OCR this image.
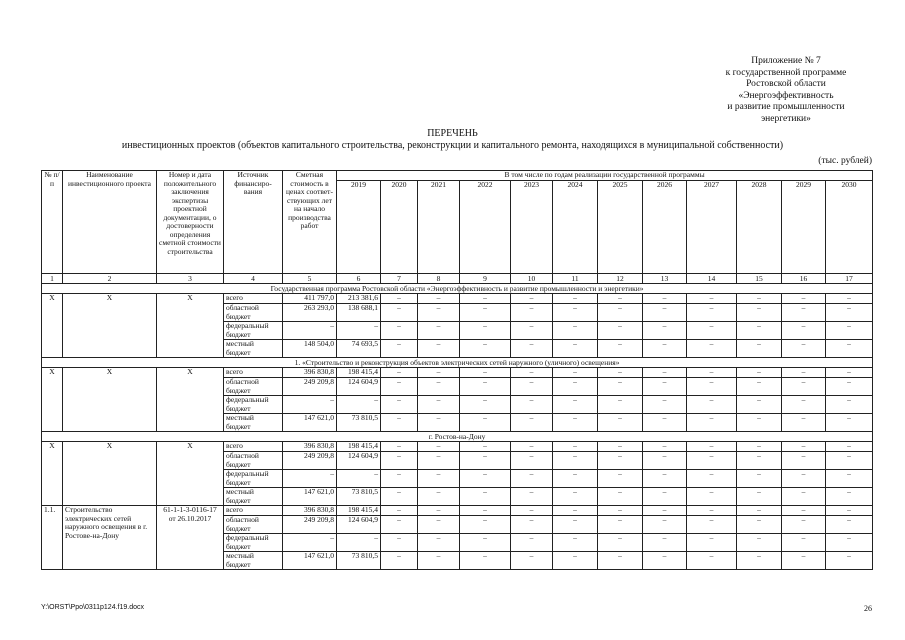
Приложение № 7
к государственной программе
Ростовской области
«Энергоэффективность
и развитие промышленности
энергетики»
ПЕРЕЧЕНЬ
инвестиционных проектов (объектов капитального строительства, реконструкции и капитального ремонта, находящихся в муниципальной собственности)
(тыс. рублей)
№ п/п	Наименование инвестиционного проекта	Номер и дата положительного заключения экспертизы проектной документации, о достоверности определения сметной стоимости строительства	Источник финансиро-вания	Сметная стоимость в ценах соответ-ствующих лет на начало производства работ	В том числе по годам реализации государственной программы											
					2019	2020	2021	2022	2023	2024	2025	2026	2027	2028	2029	2030
1	2	3	4	5	6	7	8	9	10	11	12	13	14	15	16	17
Государственная программа Ростовской области «Энергоэффективность и развитие промышленности и энергетики»																
Х	Х	Х	всего	411 797,0	213 381,6	–	–	–	–	–	–	–	–	–	–	–
			областной бюджет	263 293,0	138 688,1	–	–	–	–	–	–	–	–	–	–	–
			федеральный бюджет	–	–	–	–	–	–	–	–	–	–	–	–	–
			местный бюджет	148 504,0	74 693,5	–	–	–	–	–	–	–	–	–	–	–
1. «Строительство и реконструкция объектов электрических сетей наружного (уличного) освещения»																
Х	Х	Х	всего	396 830,8	198 415,4	–	–	–	–	–	–	–	–	–	–	–
			областной бюджет	249 209,8	124 604,9	–	–	–	–	–	–	–	–	–	–	–
			федеральный бюджет	–	–	–	–	–	–	–	–	–	–	–	–	–
			местный бюджет	147 621,0	73 810,5	–	–	–	–	–	–	–	–	–	–	–
г. Ростов-на-Дону																
Х	Х	Х	всего	396 830,8	198 415,4	–	–	–	–	–	–	–	–	–	–	–
			областной бюджет	249 209,8	124 604,9	–	–	–	–	–	–	–	–	–	–	–
			федеральный бюджет	–	–	–	–	–	–	–	–	–	–	–	–	–
			местный бюджет	147 621,0	73 810,5	–	–	–	–	–	–	–	–	–	–	–
1.1.	Строительство электрических сетей наружного освещения в г. Ростове-на-Дону	61-1-1-3-0116-17 от 26.10.2017	всего	396 830,8	198 415,4	–	–	–	–	–	–	–	–	–	–	–
			областной бюджет	249 209,8	124 604,9	–	–	–	–	–	–	–	–	–	–	–
			федеральный бюджет	–	–	–	–	–	–	–	–	–	–	–	–	–
			местный бюджет	147 621,0	73 810,5	–	–	–	–	–	–	–	–	–	–	–
Y:\ORST\Ppo\0311p124.f19.docx	26
